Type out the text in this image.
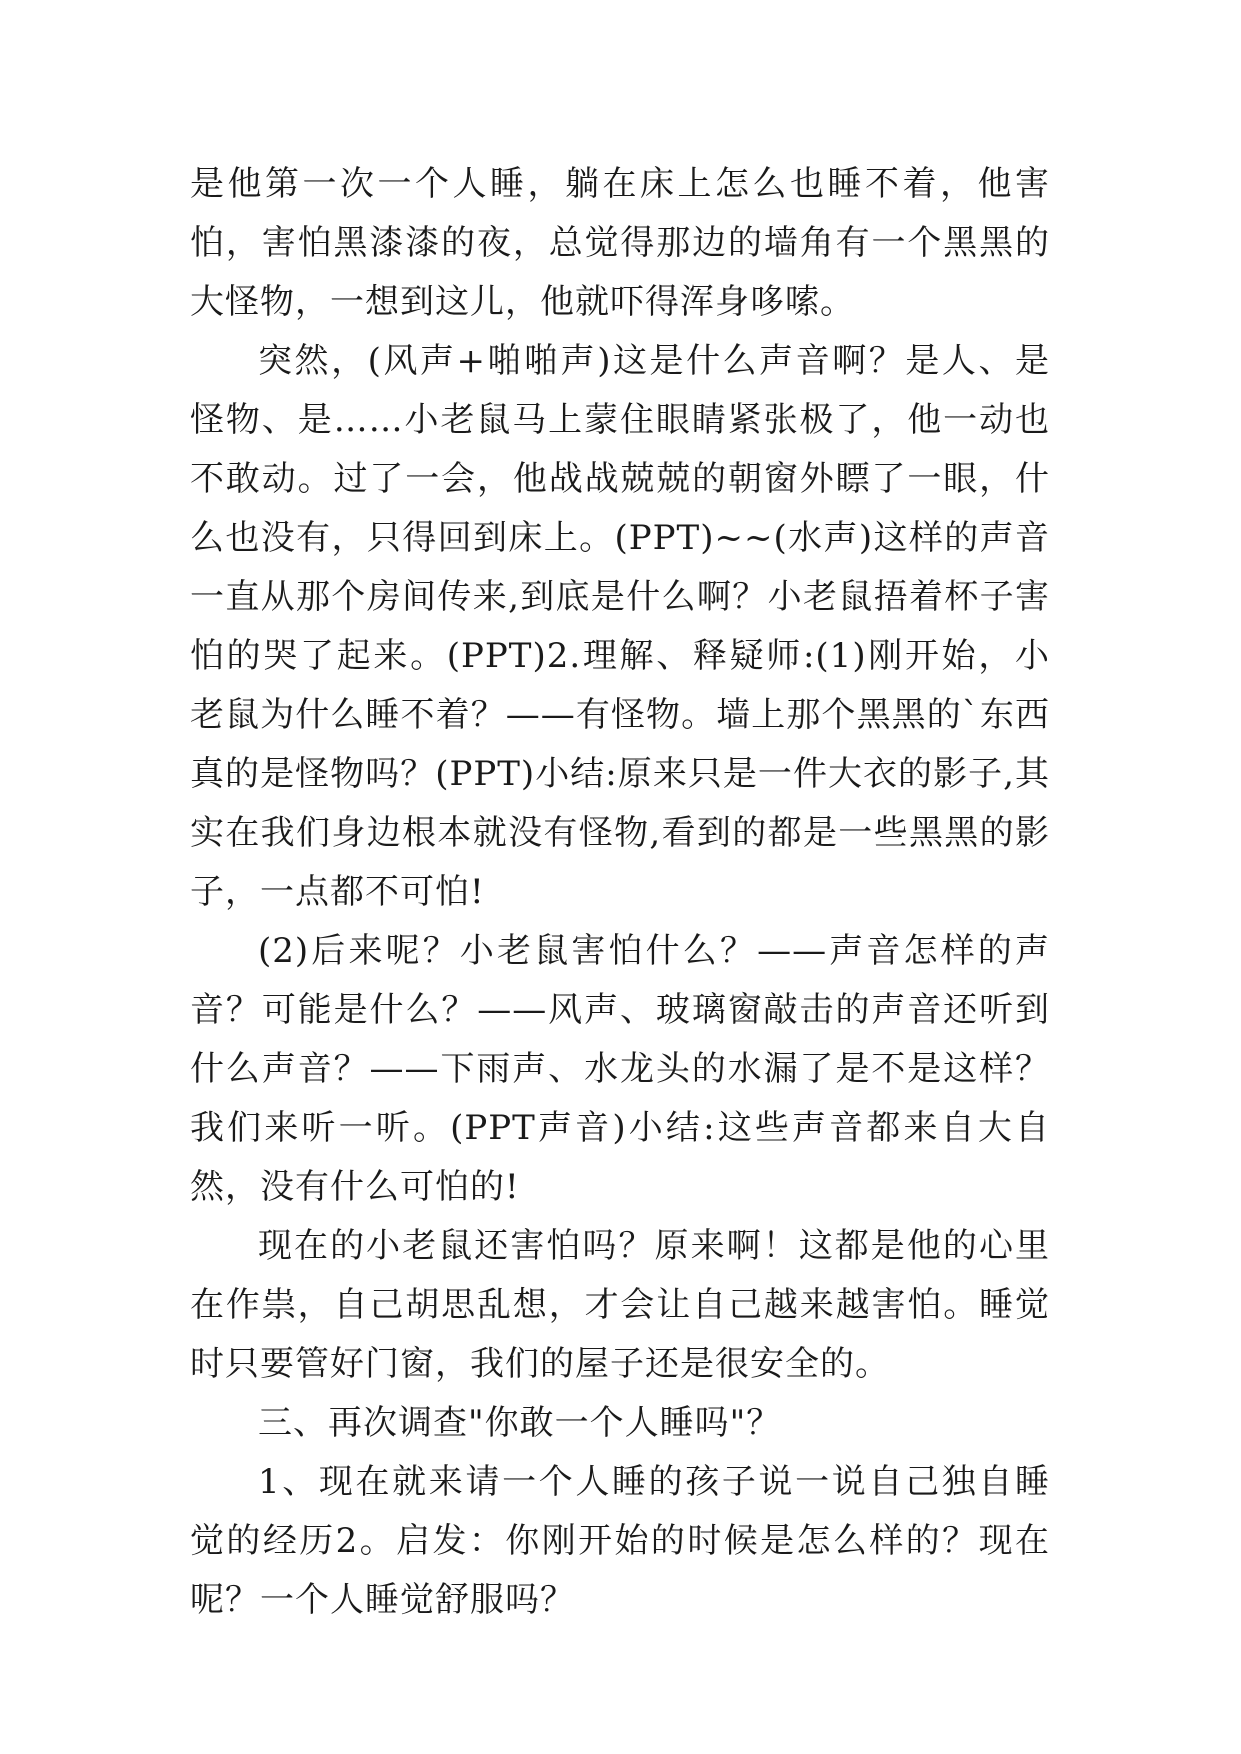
是他第一次一个人睡，躺在床上怎么也睡不着，他害怕，害怕黑漆漆的夜，总觉得那边的墙角有一个黑黑的大怪物，一想到这儿，他就吓得浑身哆嗦。

突然，(风声+啪啪声)这是什么声音啊？是人、是怪物、是……小老鼠马上蒙住眼睛紧张极了，他一动也不敢动。过了一会，他战战兢兢的朝窗外瞟了一眼，什么也没有，只得回到床上。(PPT)~~(水声)这样的声音一直从那个房间传来,到底是什么啊？小老鼠捂着杯子害怕的哭了起来。(PPT)2.理解、释疑师:(1)刚开始，小老鼠为什么睡不着？——有怪物。墙上那个黑黑的`东西真的是怪物吗？(PPT)小结:原来只是一件大衣的影子,其实在我们身边根本就没有怪物,看到的都是一些黑黑的影子，一点都不可怕!

(2)后来呢？小老鼠害怕什么？——声音怎样的声音？可能是什么？——风声、玻璃窗敲击的声音还听到什么声音？——下雨声、水龙头的水漏了是不是这样？我们来听一听。(PPT声音)小结:这些声音都来自大自然，没有什么可怕的!

现在的小老鼠还害怕吗？原来啊！这都是他的心里在作祟，自己胡思乱想，才会让自己越来越害怕。睡觉时只要管好门窗，我们的屋子还是很安全的。

三、再次调查"你敢一个人睡吗"？

1、现在就来请一个人睡的孩子说一说自己独自睡觉的经历2。启发：你刚开始的时候是怎么样的？现在呢？一个人睡觉舒服吗？
